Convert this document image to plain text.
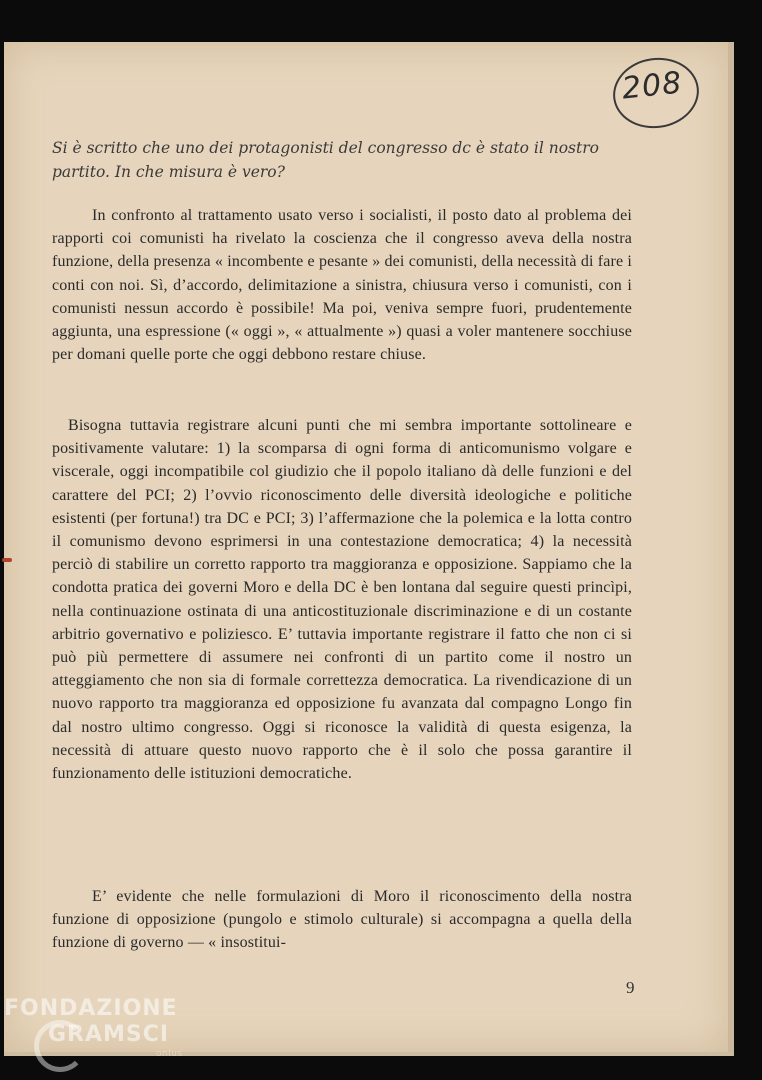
208

Si è scritto che uno dei protagonisti del congresso dc è stato il nostro partito. In che misura è vero?

In confronto al trattamento usato verso i socialisti, il posto dato al problema dei rapporti coi comunisti ha rivelato la coscienza che il congresso aveva della nostra funzione, della presenza « incombente e pesante » dei comunisti, della necessità di fare i conti con noi. Sì, d’accordo, delimitazione a sinistra, chiusura verso i comunisti, con i comunisti nessun accordo è possibile! Ma poi, veniva sempre fuori, prudentemente aggiunta, una espressione (« oggi », « attualmente ») quasi a voler mantenere socchiuse per domani quelle porte che oggi debbono restare chiuse.

Bisogna tuttavia registrare alcuni punti che mi sembra importante sottolineare e positivamente valutare: 1) la scomparsa di ogni forma di anticomunismo volgare e viscerale, oggi incompatibile col giudizio che il popolo italiano dà delle funzioni e del carattere del PCI; 2) l’ovvio riconoscimento delle diversità ideologiche e politiche esistenti (per fortuna!) tra DC e PCI; 3) l’affermazione che la polemica e la lotta contro il comunismo devono esprimersi in una contestazione democratica; 4) la necessità perciò di stabilire un corretto rapporto tra maggioranza e opposizione. Sappiamo che la condotta pratica dei governi Moro e della DC è ben lontana dal seguire questi princìpi, nella continuazione ostinata di una anticostituzionale discriminazione e di un costante arbitrio governativo e poliziesco. E’ tuttavia importante registrare il fatto che non ci si può più permettere di assumere nei confronti di un partito come il nostro un atteggiamento che non sia di formale correttezza democratica. La rivendicazione di un nuovo rapporto tra maggioranza ed opposizione fu avanzata dal compagno Longo fin dal nostro ultimo congresso. Oggi si riconosce la validità di questa esigenza, la necessità di attuare questo nuovo rapporto che è il solo che possa garantire il funzionamento delle istituzioni democratiche.

E’ evidente che nelle formulazioni di Moro il riconoscimento della nostra funzione di opposizione (pungolo e stimolo culturale) si accompagna a quella della funzione di governo — « insostitui-

9
FONDAZIONE
GRAMSCI
onlus
